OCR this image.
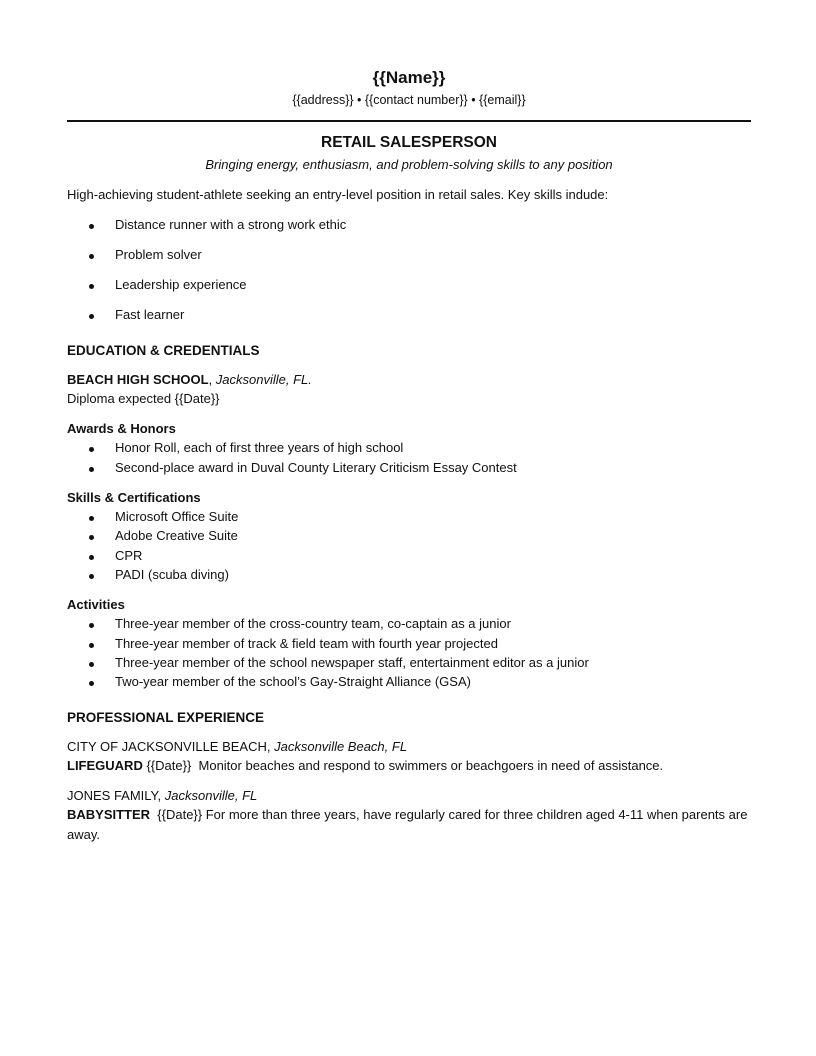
{{Name}}
{{address}} • {{contact number}} • {{email}}
RETAIL SALESPERSON
Bringing energy, enthusiasm, and problem-solving skills to any position
High-achieving student-athlete seeking an entry-level position in retail sales. Key skills indude:
Distance runner with a strong work ethic
Problem solver
Leadership experience
Fast learner
EDUCATION & CREDENTIALS
BEACH HIGH SCHOOL, Jacksonville, FL.
Diploma expected {{Date}}
Awards & Honors
Honor Roll, each of first three years of high school
Second-place award in Duval County Literary Criticism Essay Contest
Skills & Certifications
Microsoft Office Suite
Adobe Creative Suite
CPR
PADI (scuba diving)
Activities
Three-year member of the cross-country team, co-captain as a junior
Three-year member of track & field team with fourth year projected
Three-year member of the school newspaper staff, entertainment editor as a junior
Two-year member of the school’s Gay-Straight Alliance (GSA)
PROFESSIONAL EXPERIENCE
CITY OF JACKSONVILLE BEACH, Jacksonville Beach, FL
LIFEGUARD {{Date}}  Monitor beaches and respond to swimmers or beachgoers in need of assistance.
JONES FAMILY, Jacksonville, FL
BABYSITTER  {{Date}} For more than three years, have regularly cared for three children aged 4-11 when parents are away.
